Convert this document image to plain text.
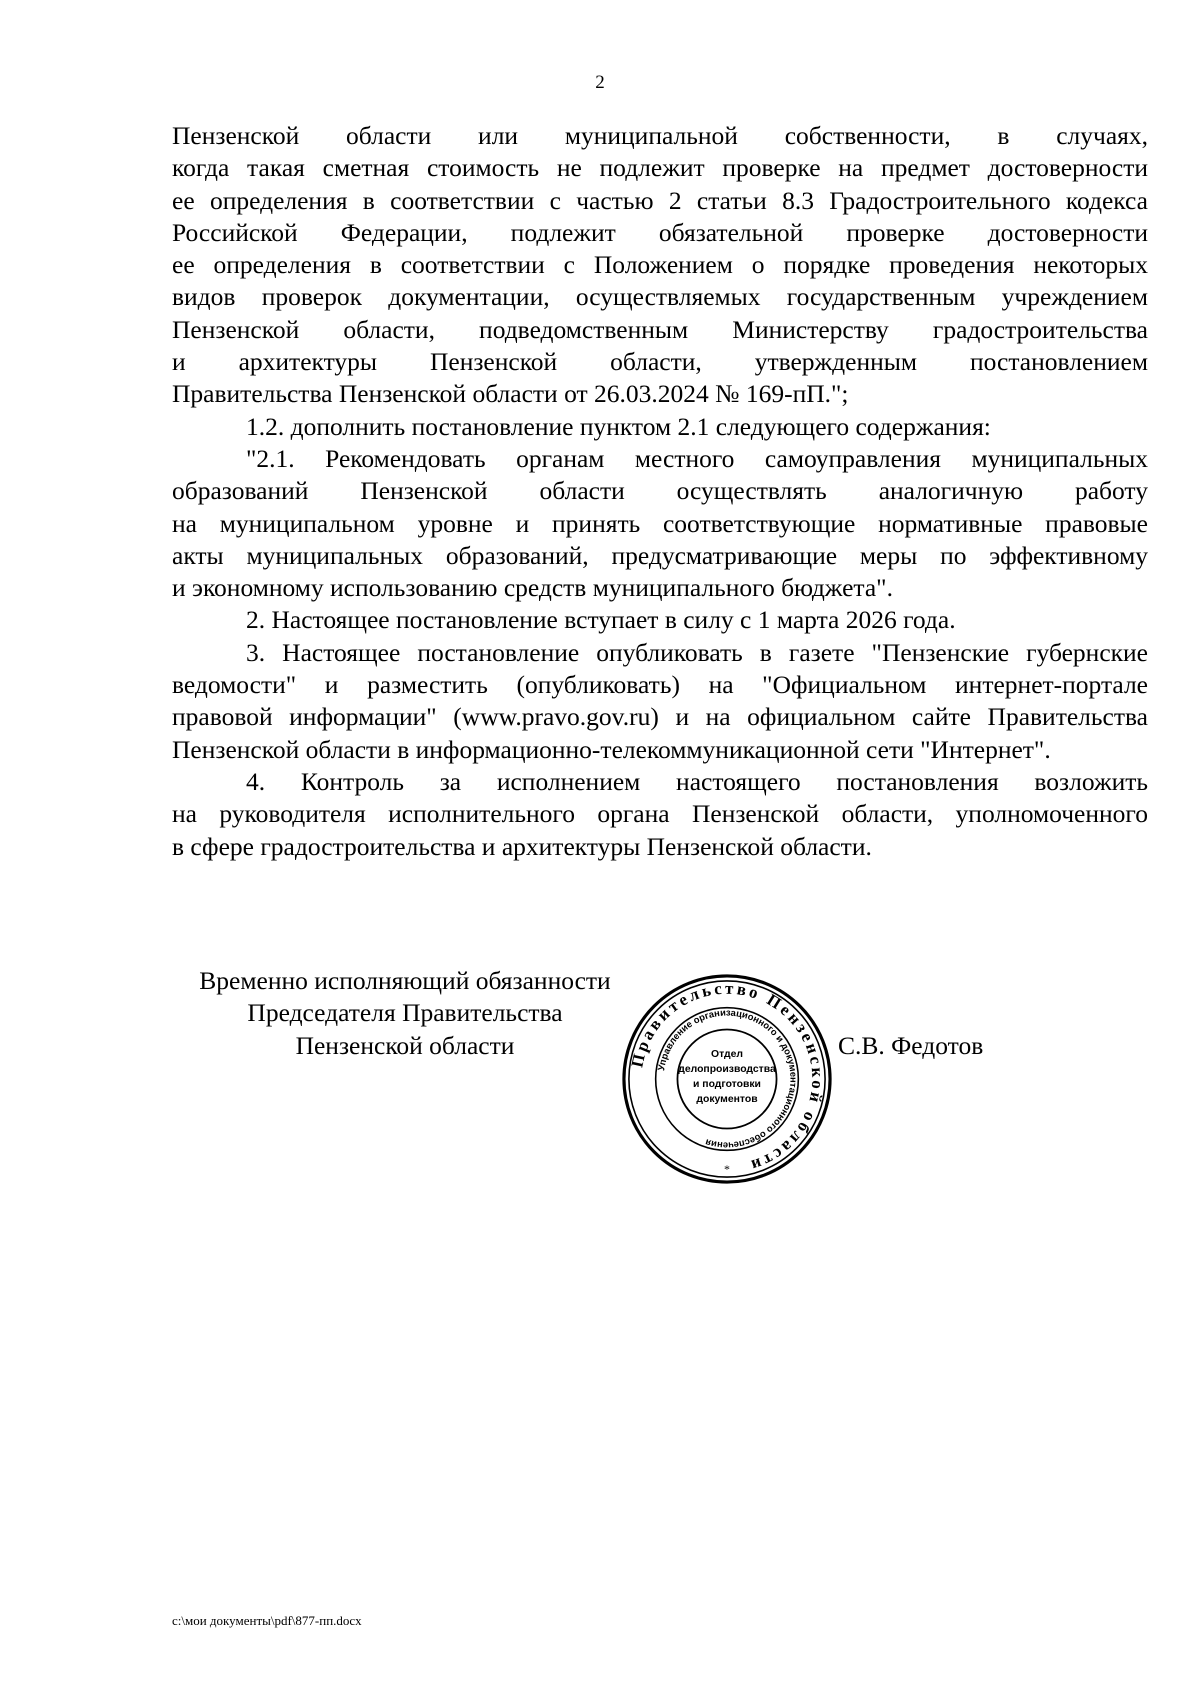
2
Пензенской области или муниципальной собственности, в случаях,
когда такая сметная стоимость не подлежит проверке на предмет достоверности
ее определения в соответствии с частью 2 статьи 8.3 Градостроительного кодекса
Российской Федерации, подлежит обязательной проверке достоверности
ее определения в соответствии с Положением о порядке проведения некоторых
видов проверок документации, осуществляемых государственным учреждением
Пензенской области, подведомственным Министерству градостроительства
и архитектуры Пензенской области, утвержденным постановлением
Правительства Пензенской области от 26.03.2024 № 169-пП.";
1.2. дополнить постановление пунктом 2.1 следующего содержания:
"2.1. Рекомендовать органам местного самоуправления муниципальных
образований Пензенской области осуществлять аналогичную работу
на муниципальном уровне и принять соответствующие нормативные правовые
акты муниципальных образований, предусматривающие меры по эффективному
и экономному использованию средств муниципального бюджета".
2. Настоящее постановление вступает в силу с 1 марта 2026 года.
3. Настоящее постановление опубликовать в газете "Пензенские губернские
ведомости" и разместить (опубликовать) на "Официальном интернет-портале
правовой информации" (www.pravo.gov.ru) и на официальном сайте Правительства
Пензенской области в информационно-телекоммуникационной сети "Интернет".
4. Контроль за исполнением настоящего постановления возложить
на руководителя исполнительного органа Пензенской области, уполномоченного
в сфере градостроительства и архитектуры Пензенской области.
Временно исполняющий обязанности
Председателя Правительства
Пензенской области	Правительство Пензенской области
Управление организационного и документационного обеспечения
Отдел
делопроизводства
и подготовки
документов
*
С.В. Федотов
c:\мои документы\pdf\877-пп.docx
